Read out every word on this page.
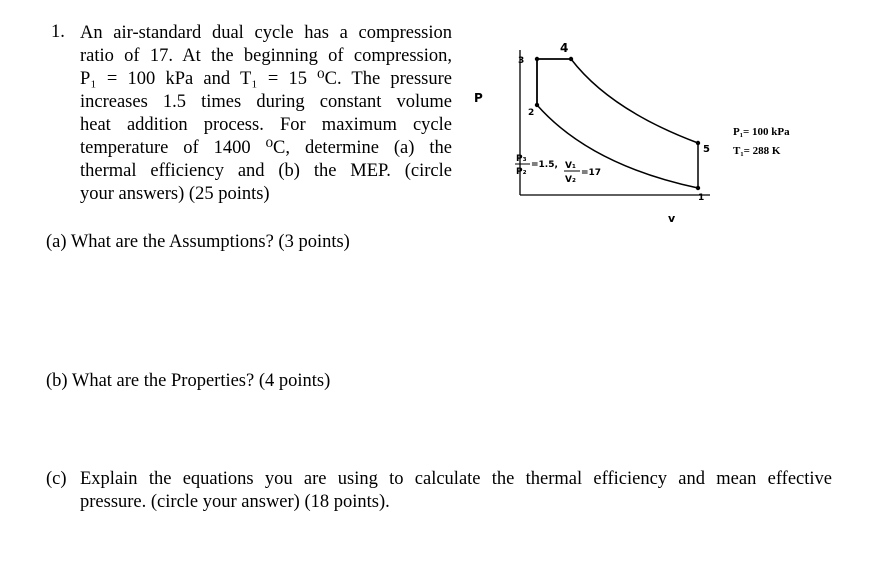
1. An air-standard dual cycle has a compression
ratio of 17. At the beginning of compression,
P₁ = 100 kPa and T₁ = 15 ⁰C. The pressure
increases 1.5 times during constant volume
heat addition process. For maximum cycle
temperature of 1400 ⁰C, determine (a) the
thermal efficiency and (b) the MEP. (circle
your answers) (25 points)
(a) What are the Assumptions? (3 points)
(b) What are the Properties? (4 points)
(c) Explain the equations you are using to calculate the thermal efficiency and mean effective
pressure. (circle your answer) (18 points).
P
v
3
4
2
5
1
P₃
P₂
=1.5, V₁
V₂
=17
P₁= 100 kPa
T₁= 288 K
